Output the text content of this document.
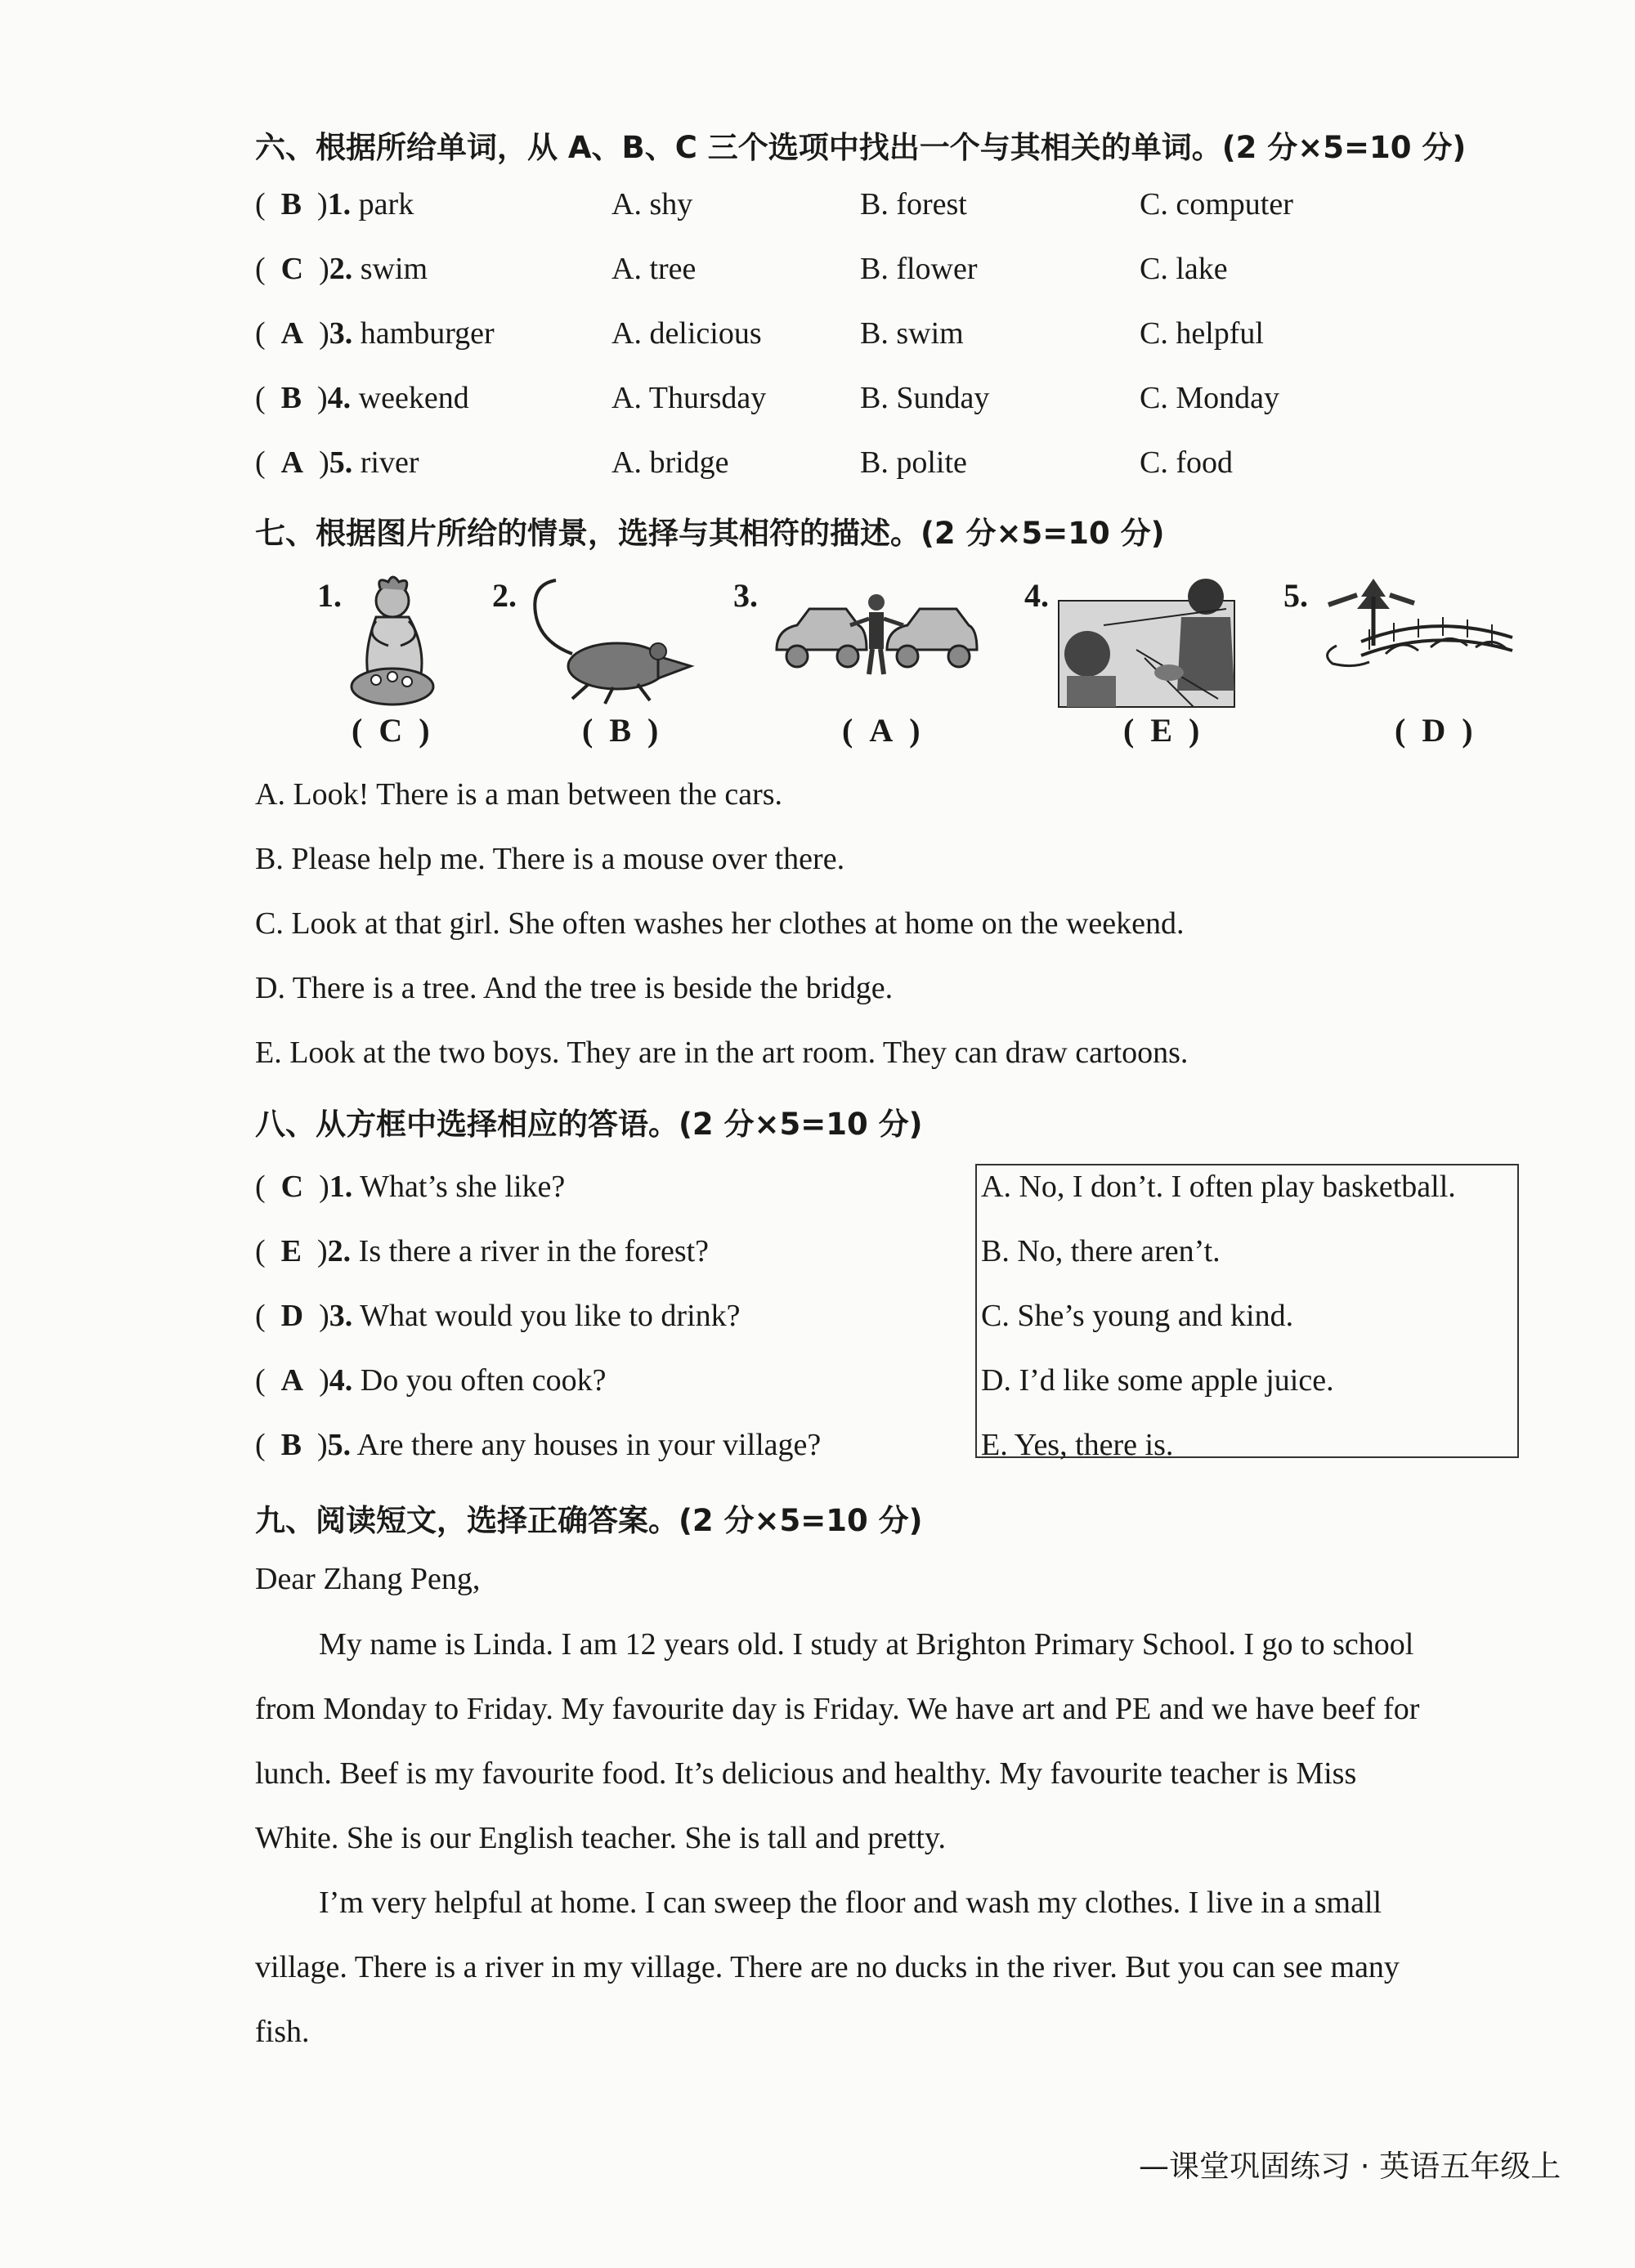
六、根据所给单词，从 A、B、C 三个选项中找出一个与其相关的单词。(2 分×5=10 分)
(  B  )1. park	A. shy	B. forest	C. computer
(  C  )2. swim	A. tree	B. flower	C. lake
(  A  )3. hamburger	A. delicious	B. swim	C. helpful
(  B  )4. weekend	A. Thursday	B. Sunday	C. Monday
(  A  )5. river	A. bridge	B. polite	C. food
七、根据图片所给的情景，选择与其相符的描述。(2 分×5=10 分)
1.	2.	3.	4.	5.
(  C  )	(  B  )	(  A  )	(  E  )	(  D  )
A. Look! There is a man between the cars.
B. Please help me. There is a mouse over there.
C. Look at that girl. She often washes her clothes at home on the weekend.
D. There is a tree. And the tree is beside the bridge.
E. Look at the two boys. They are in the art room. They can draw cartoons.
八、从方框中选择相应的答语。(2 分×5=10 分)
(  C  )1. What’s she like?
(  E  )2. Is there a river in the forest?
(  D  )3. What would you like to drink?
(  A  )4. Do you often cook?
(  B  )5. Are there any houses in your village?
A. No, I don’t. I often play basketball.
B. No, there aren’t.
C. She’s young and kind.
D. I’d like some apple juice.
E. Yes, there is.
九、阅读短文，选择正确答案。(2 分×5=10 分)
Dear Zhang Peng,
My name is Linda. I am 12 years old. I study at Brighton Primary School. I go to school
from Monday to Friday. My favourite day is Friday. We have art and PE and we have beef for
lunch. Beef is my favourite food. It’s delicious and healthy. My favourite teacher is Miss
White. She is our English teacher. She is tall and pretty.
I’m very helpful at home. I can sweep the floor and wash my clothes. I live in a small
village. There is a river in my village. There are no ducks in the river. But you can see many
fish.
—课堂巩固练习 · 英语五年级上
